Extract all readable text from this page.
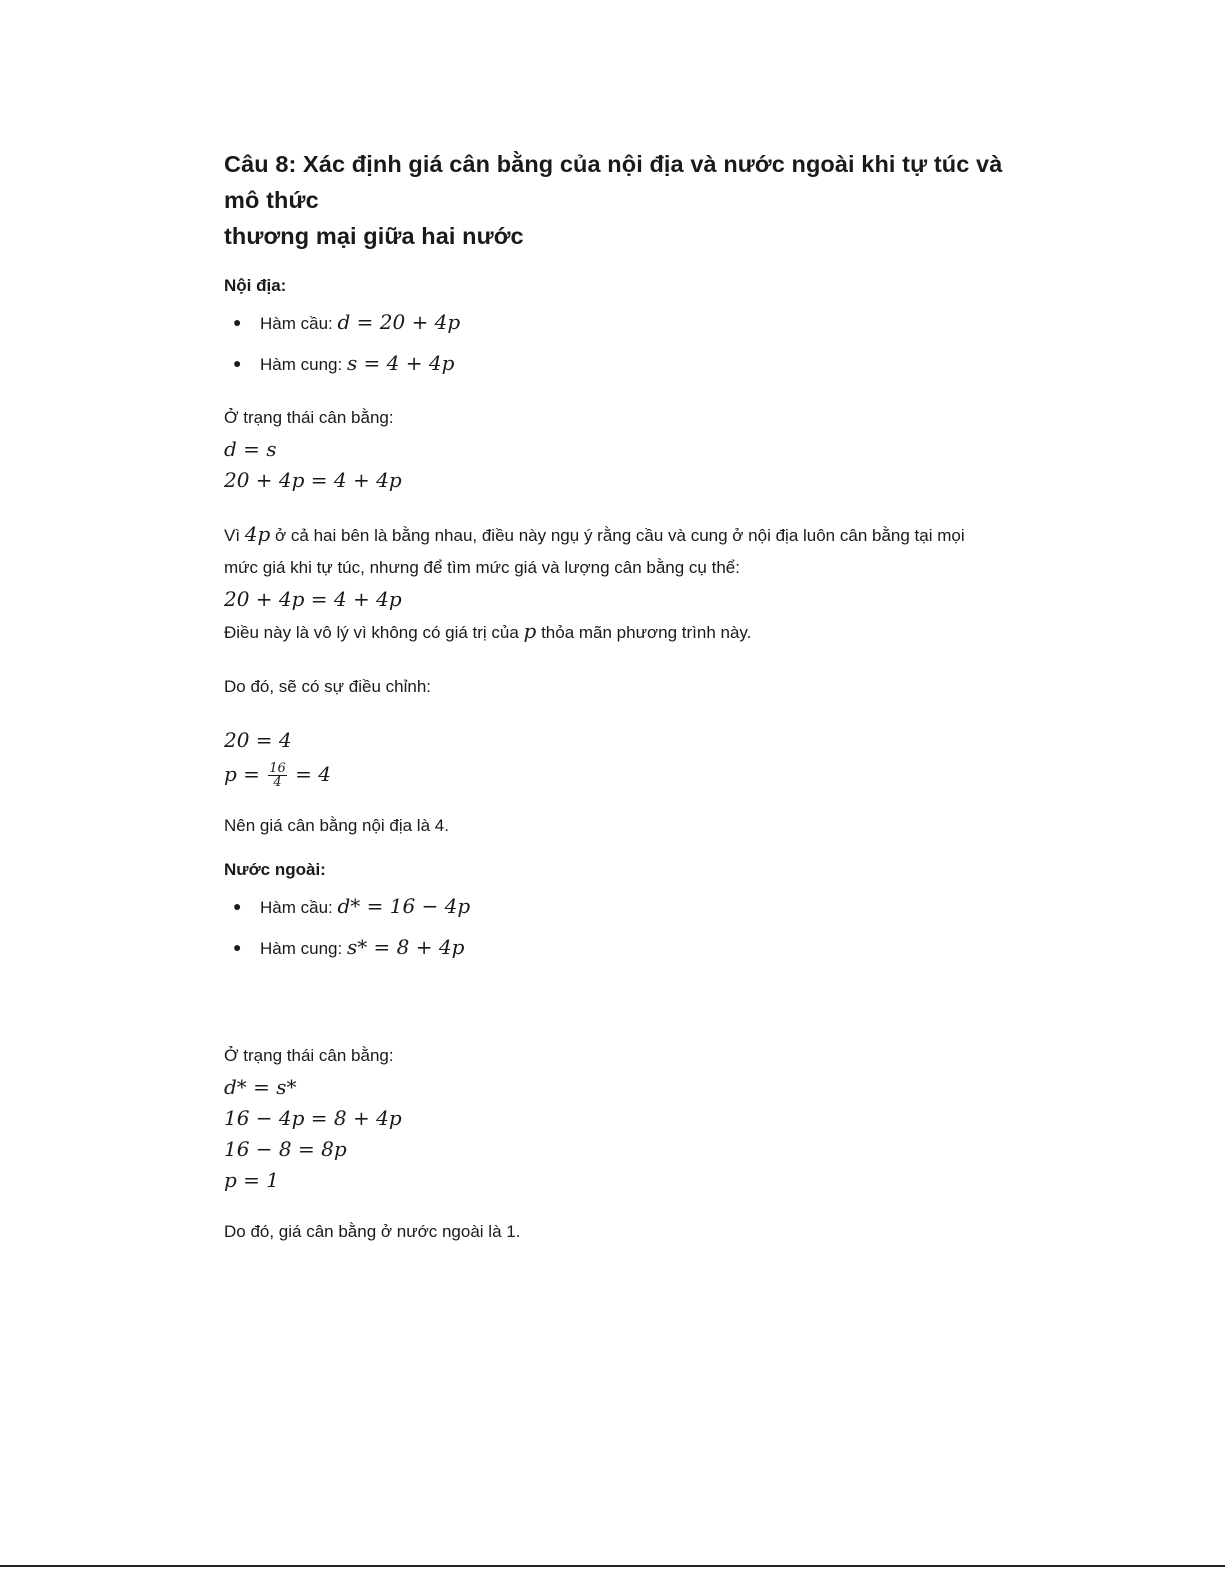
Câu 8: Xác định giá cân bằng của nội địa và nước ngoài khi tự túc và mô thức
thương mại giữa hai nước

Nội địa:

● Hàm cầu: d = 20 + 4p
● Hàm cung: s = 4 + 4p

Ở trạng thái cân bằng:

d = s

20 + 4p = 4 + 4p

Vì 4p ở cả hai bên là bằng nhau, điều này ngụ ý rằng cầu và cung ở nội địa luôn cân bằng tại mọi

mức giá khi tự túc, nhưng để tìm mức giá và lượng cân bằng cụ thể:

20 + 4p = 4 + 4p

Điều này là vô lý vì không có giá trị của p thỏa mãn phương trình này.

Do đó, sẽ có sự điều chỉnh:

20 = 4

$p = \frac{16}{4} = 4$

Nên giá cân bằng nội địa là 4.

Nước ngoài:

● Hàm cầu: d* = 16 − 4p
● Hàm cung: s* = 8 + 4p

Ở trạng thái cân bằng:

d* = s*

16 − 4p = 8 + 4p

16 − 8 = 8p

p = 1

Do đó, giá cân bằng ở nước ngoài là 1.
